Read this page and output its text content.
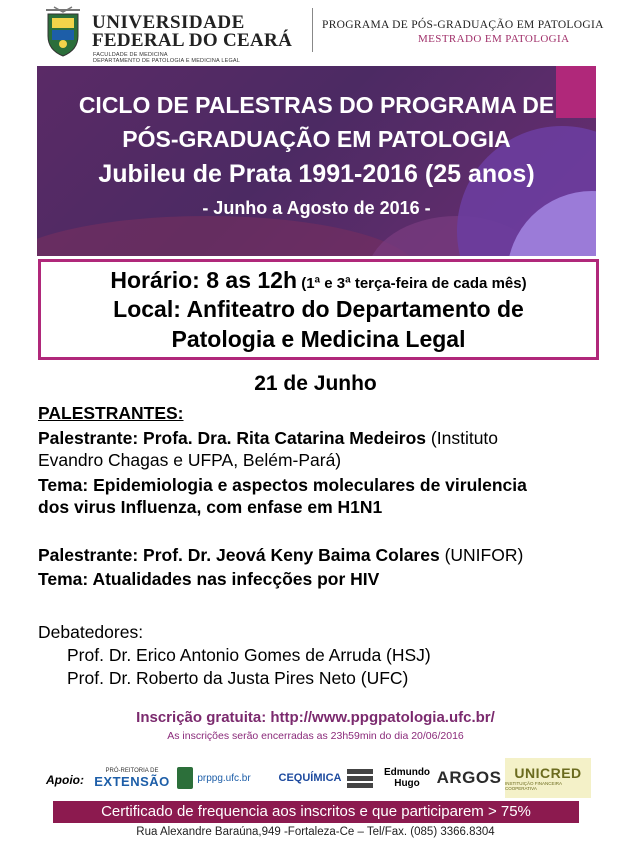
UNIVERSIDADE
FEDERAL DO CEARÁ
FACULDADE DE MEDICINA
DEPARTAMENTO DE PATOLOGIA E MEDICINA LEGAL
PROGRAMA DE PÓS-GRADUAÇÃO EM PATOLOGIA
MESTRADO EM PATOLOGIA
CICLO DE PALESTRAS DO PROGRAMA DE
PÓS-GRADUAÇÃO EM PATOLOGIA
Jubileu de Prata 1991-2016 (25 anos)
- Junho a Agosto de 2016 -
Horário: 8 as 12h (1ª e 3ª terça-feira de cada mês)
Local: Anfiteatro do Departamento de
Patologia e Medicina Legal
21 de Junho
PALESTRANTES:
Palestrante: Profa. Dra. Rita Catarina Medeiros (Instituto
Evandro Chagas e UFPA, Belém-Pará)
Tema: Epidemiologia e aspectos moleculares de virulencia
dos virus Influenza, com enfase em H1N1
Palestrante: Prof. Dr. Jeová Keny Baima Colares (UNIFOR)
Tema: Atualidades nas infecções por HIV
Debatedores:
Prof. Dr. Erico Antonio Gomes de Arruda (HSJ)
Prof. Dr. Roberto da Justa Pires Neto (UFC)
Inscrição gratuita: http://www.ppgpatologia.ufc.br/
As inscrições serão encerradas as 23h59min do dia 20/06/2016
Apoio:
PRÓ-REITORIA DE
EXTENSÃO	prppg.ufc.br	CEQUÍMICA	Edmundo
Hugo ARGOS UNICRED
INSTITUIÇÃO FINANCEIRA COOPERATIVA
Certificado de frequencia aos inscritos e que participarem > 75%
Rua Alexandre Baraúna,949 -Fortaleza-Ce – Tel/Fax. (085) 3366.8304
